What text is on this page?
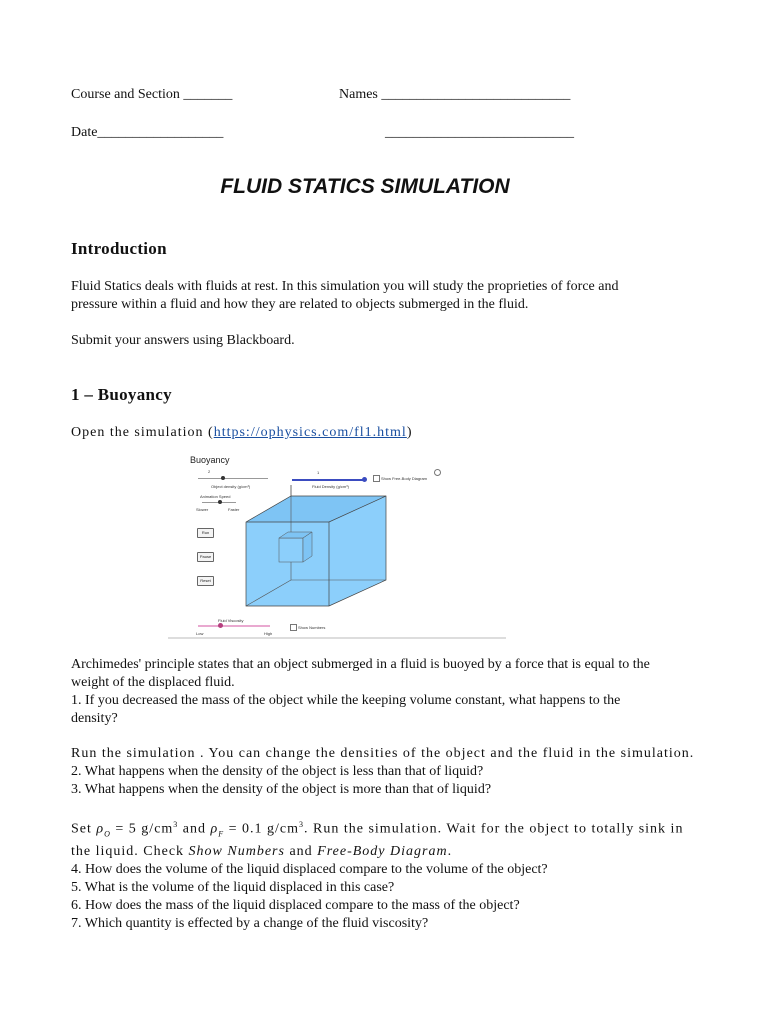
Course and Section _______	Names ___________________________
Date__________________	___________________________
FLUID STATICS SIMULATION
Introduction
Fluid Statics deals with fluids at rest. In this simulation you will study the proprieties of force and
pressure within a fluid and how they are related to objects submerged in the fluid.
Submit your answers using Blackboard.
1 – Buoyancy
Open the simulation (https://ophysics.com/fl1.html)
Buoyancy
2
Object density (g/cm³)
Animation Speed
Slower	Faster
Run
Pause
Reset
1
Fluid Density (g/cm³)
Show Free-Body Diagram
Fluid Viscosity
Low	High
Show Numbers
Archimedes' principle states that an object submerged in a fluid is buoyed by a force that is equal to the
weight of the displaced fluid.
1. If you decreased the mass of the object while the keeping volume constant, what happens to the
density?
Run the simulation . You can change the densities of the object and the fluid in the simulation.
2. What happens when the density of the object is less than that of liquid?
3. What happens when the density of the object is more than that of liquid?
Set $\rho_O = 5$ $g/cm^3$ and $\rho_F = 0.1$ $g/cm^3$. Run the simulation. Wait for the object to totally sink in
the liquid. Check Show Numbers and Free-Body Diagram.
4. How does the volume of the liquid displaced compare to the volume of the object?
5. What is the volume of the liquid displaced in this case?
6. How does the mass of the liquid displaced compare to the mass of the object?
7. Which quantity is effected by a change of the fluid viscosity?
